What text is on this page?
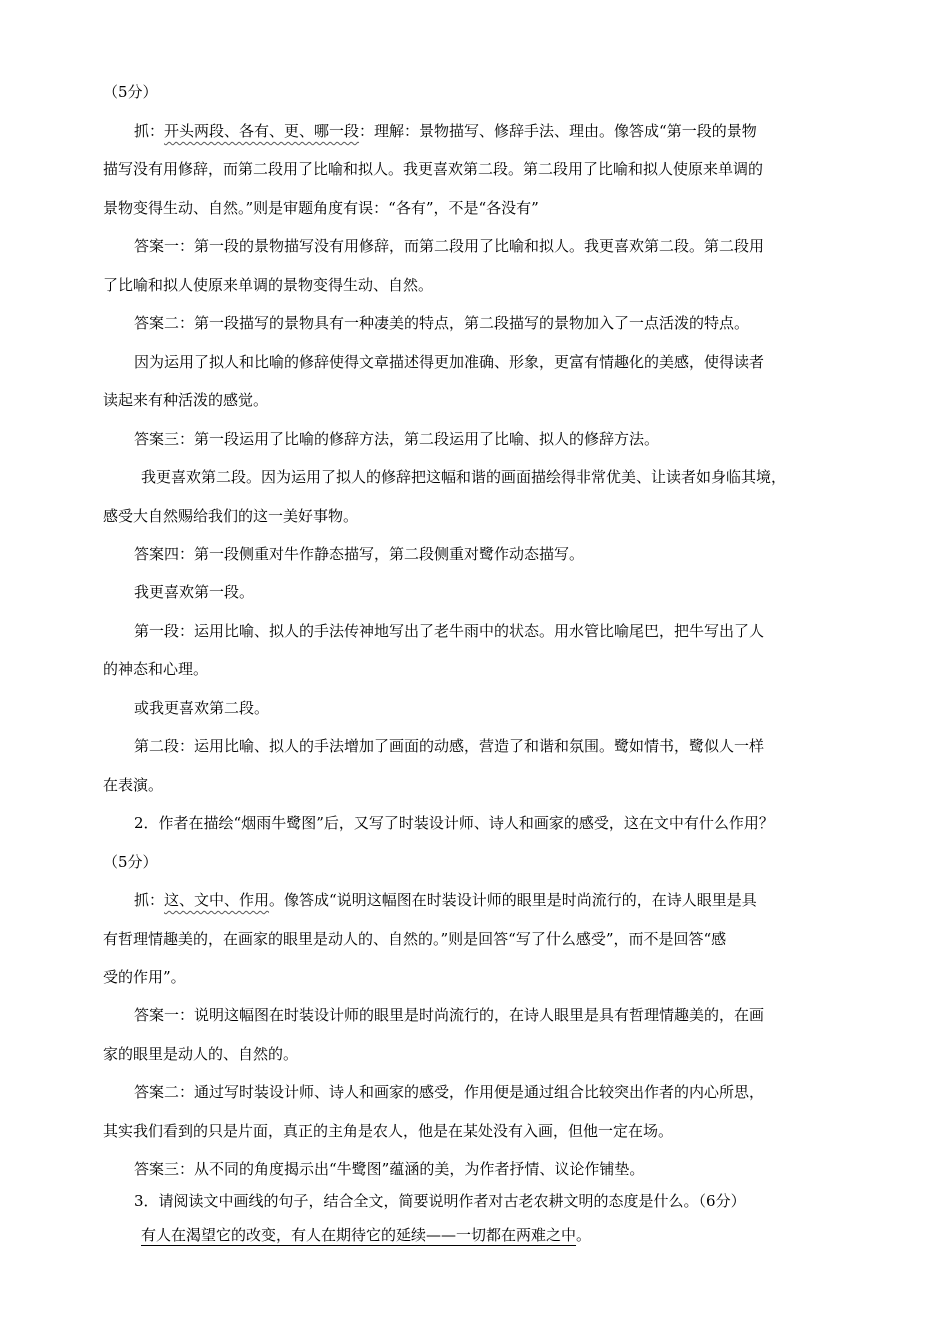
（5分）

抓：开头两段、各有、更、哪一段：理解：景物描写、修辞手法、理由。像答成“第一段的景物

描写没有用修辞，而第二段用了比喻和拟人。我更喜欢第二段。第二段用了比喻和拟人使原来单调的

景物变得生动、自然。”则是审题角度有误：“各有”，不是“各没有”

答案一：第一段的景物描写没有用修辞，而第二段用了比喻和拟人。我更喜欢第二段。第二段用

了比喻和拟人使原来单调的景物变得生动、自然。

答案二：第一段描写的景物具有一种凄美的特点，第二段描写的景物加入了一点活泼的特点。

因为运用了拟人和比喻的修辞使得文章描述得更加准确、形象，更富有情趣化的美感，使得读者

读起来有种活泼的感觉。

答案三：第一段运用了比喻的修辞方法，第二段运用了比喻、拟人的修辞方法。

我更喜欢第二段。因为运用了拟人的修辞把这幅和谐的画面描绘得非常优美、让读者如身临其境，

感受大自然赐给我们的这一美好事物。

答案四：第一段侧重对牛作静态描写，第二段侧重对鹭作动态描写。

我更喜欢第一段。

第一段：运用比喻、拟人的手法传神地写出了老牛雨中的状态。用水管比喻尾巴，把牛写出了人

的神态和心理。

或我更喜欢第二段。

第二段：运用比喻、拟人的手法增加了画面的动感，营造了和谐和氛围。鹭如情书，鹭似人一样

在表演。

2．作者在描绘“烟雨牛鹭图”后，又写了时装设计师、诗人和画家的感受，这在文中有什么作用？

（5分）

抓：这、文中、作用。像答成“说明这幅图在时装设计师的眼里是时尚流行的，在诗人眼里是具

有哲理情趣美的，在画家的眼里是动人的、自然的。”则是回答“写了什么感受”，而不是回答“感

受的作用”。

答案一：说明这幅图在时装设计师的眼里是时尚流行的，在诗人眼里是具有哲理情趣美的，在画

家的眼里是动人的、自然的。

答案二：通过写时装设计师、诗人和画家的感受，作用便是通过组合比较突出作者的内心所思，

其实我们看到的只是片面，真正的主角是农人，他是在某处没有入画，但他一定在场。

答案三：从不同的角度揭示出“牛鹭图”蕴涵的美，为作者抒情、议论作铺垫。

3．请阅读文中画线的句子，结合全文，简要说明作者对古老农耕文明的态度是什么。（6分）

有人在渴望它的改变，有人在期待它的延续——一切都在两难之中。
